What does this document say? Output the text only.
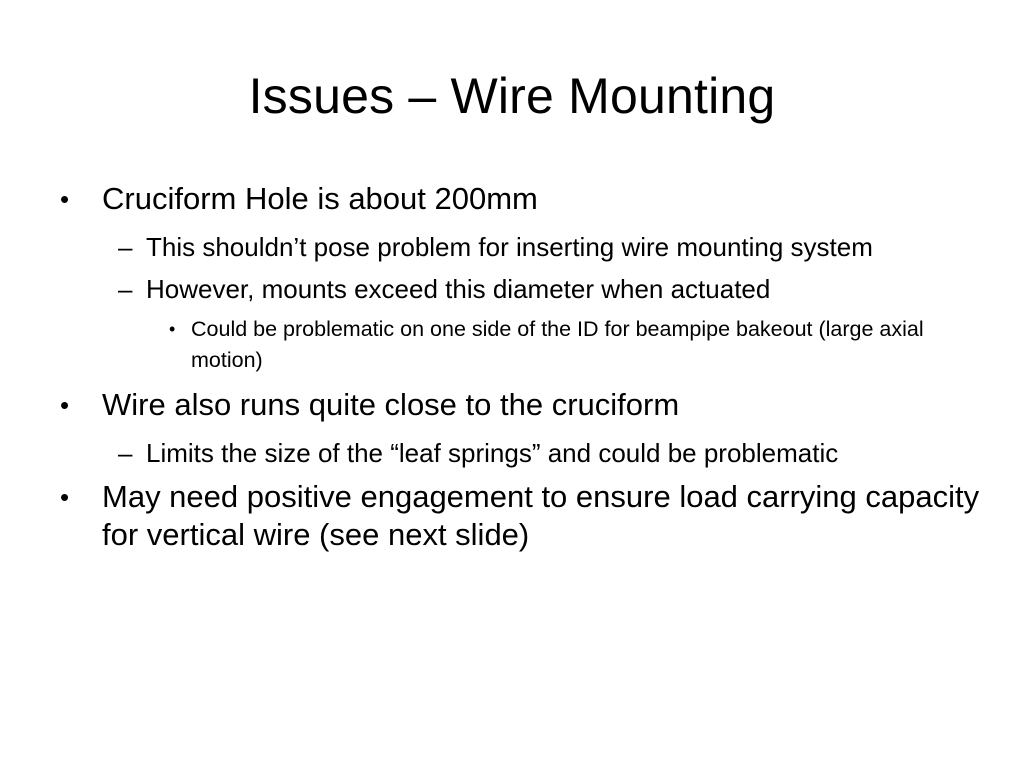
Issues – Wire Mounting
• Cruciform Hole is about 200mm
– This shouldn’t pose problem for inserting wire mounting system
– However, mounts exceed this diameter when actuated
• Could be problematic on one side of the ID for beampipe bakeout (large axial motion)
• Wire also runs quite close to the cruciform
– Limits the size of the “leaf springs” and could be problematic
• May need positive engagement to ensure load carrying capacity for vertical wire (see next slide)
